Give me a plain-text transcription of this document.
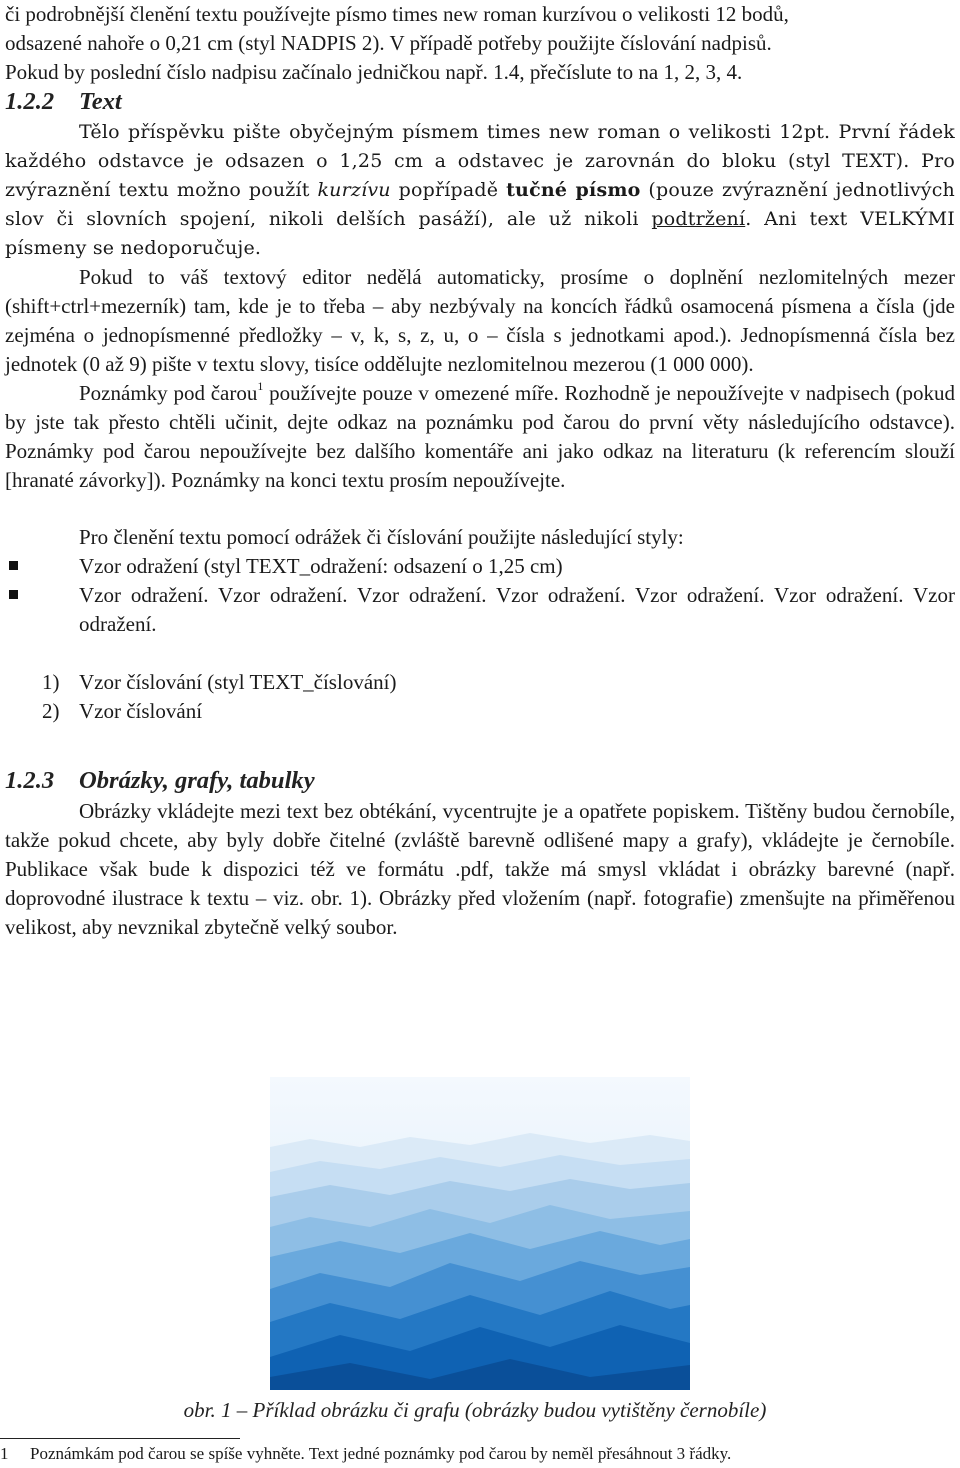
či podrobnější členění textu používejte písmo times new roman kurzívou o velikosti 12 bodů,
odsazené nahoře o 0,21 cm (styl NADPIS 2). V případě potřeby použijte číslování nadpisů.
Pokud by poslední číslo nadpisu začínalo jedničkou např. 1.4, přečíslute to na 1, 2, 3, 4.

1.2.2 Text

Tělo příspěvku pište obyčejným písmem times new roman o velikosti 12pt. První řádek každého odstavce je odsazen o 1,25 cm a odstavec je zarovnán do bloku (styl TEXT). Pro zvýraznění textu možno použít kurzívu popřípadě tučné písmo (pouze zvýraznění jednotlivých slov či slovních spojení, nikoli delších pasáží), ale už nikoli podtržení. Ani text VELKÝMI písmeny se nedoporučuje.

Pokud to váš textový editor nedělá automaticky, prosíme o doplnění nezlomitelných mezer (shift+ctrl+mezerník) tam, kde je to třeba – aby nezbývaly na koncích řádků osamocená písmena a čísla (jde zejména o jednopísmenné předložky – v, k, s, z, u, o – čísla s jednotkami apod.). Jednopísmenná čísla bez jednotek (0 až 9) pište v textu slovy, tisíce oddělujte nezlomitelnou mezerou (1 000 000).

Poznámky pod čarou$^1$ používejte pouze v omezené míře. Rozhodně je nepoužívejte v nadpisech (pokud by jste tak přesto chtěli učinit, dejte odkaz na poznámku pod čarou do první věty následujícího odstavce). Poznámky pod čarou nepoužívejte bez dalšího komentáře ani jako odkaz na literaturu (k referencím slouží [hranaté závorky]). Poznámky na konci textu prosím nepoužívejte.

Pro členění textu pomocí odrážek či číslování použijte následující styly:

Vzor odražení (styl TEXT_odražení: odsazení o 1,25 cm)
Vzor odražení. Vzor odražení. Vzor odražení. Vzor odražení. Vzor odražení. Vzor odražení. Vzor odražení.
1) Vzor číslování (styl TEXT_číslování)
2) Vzor číslování
1.2.3 Obrázky, grafy, tabulky

Obrázky vkládejte mezi text bez obtékání, vycentrujte je a opatřete popiskem. Tištěny budou černobíle, takže pokud chcete, aby byly dobře čitelné (zvláště barevně odlišené mapy a grafy), vkládejte je černobíle. Publikace však bude k dispozici též ve formátu .pdf, takže má smysl vkládat i obrázky barevné (např. doprovodné ilustrace k textu – viz. obr. 1). Obrázky před vložením (např. fotografie) zmenšujte na přiměřenou velikost, aby nevznikal zbytečně velký soubor.

obr. 1 – Příklad obrázku či grafu (obrázky budou vytištěny černobíle)
1 Poznámkám pod čarou se spíše vyhněte. Text jedné poznámky pod čarou by neměl přesáhnout 3 řádky.
